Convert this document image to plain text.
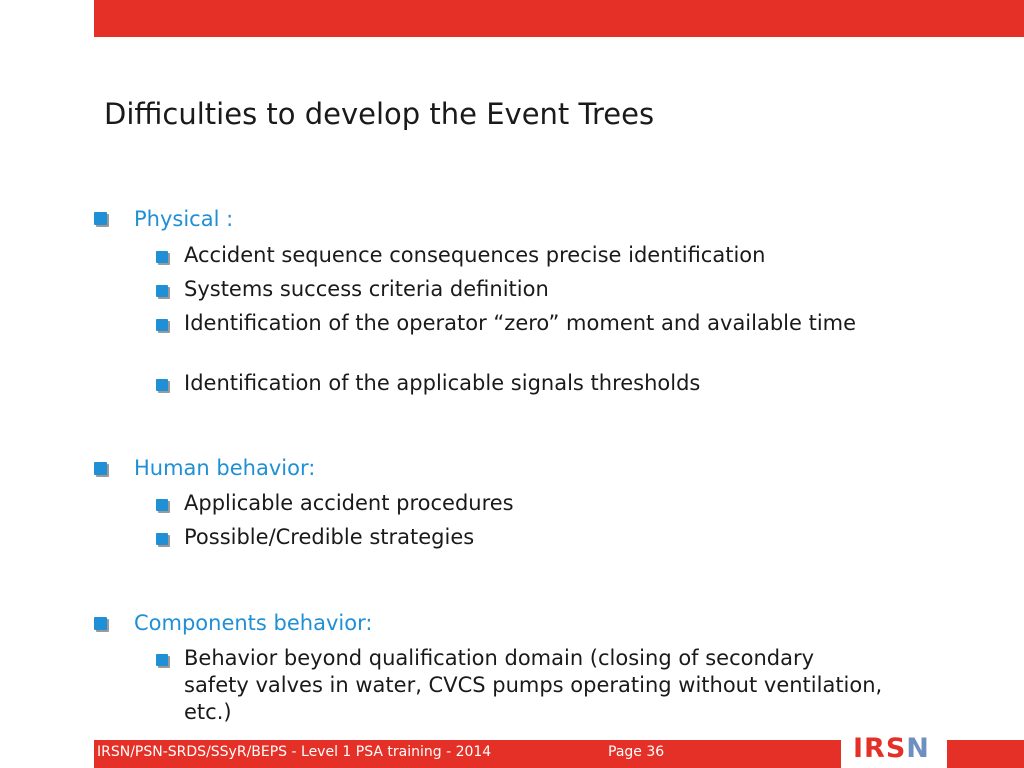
Difficulties to develop the Event Trees
Physical :
Accident sequence consequences precise identification
Systems success criteria definition
Identification of the operator “zero” moment and available time
Identification of the applicable signals thresholds
Human behavior:
Applicable accident procedures
Possible/Credible strategies
Components behavior:
Behavior beyond qualification domain (closing of secondary safety valves in water, CVCS pumps operating without ventilation, etc.)
IRSN/PSN-SRDS/SSyR/BEPS - Level 1 PSA training - 2014	Page 36	IRSN
